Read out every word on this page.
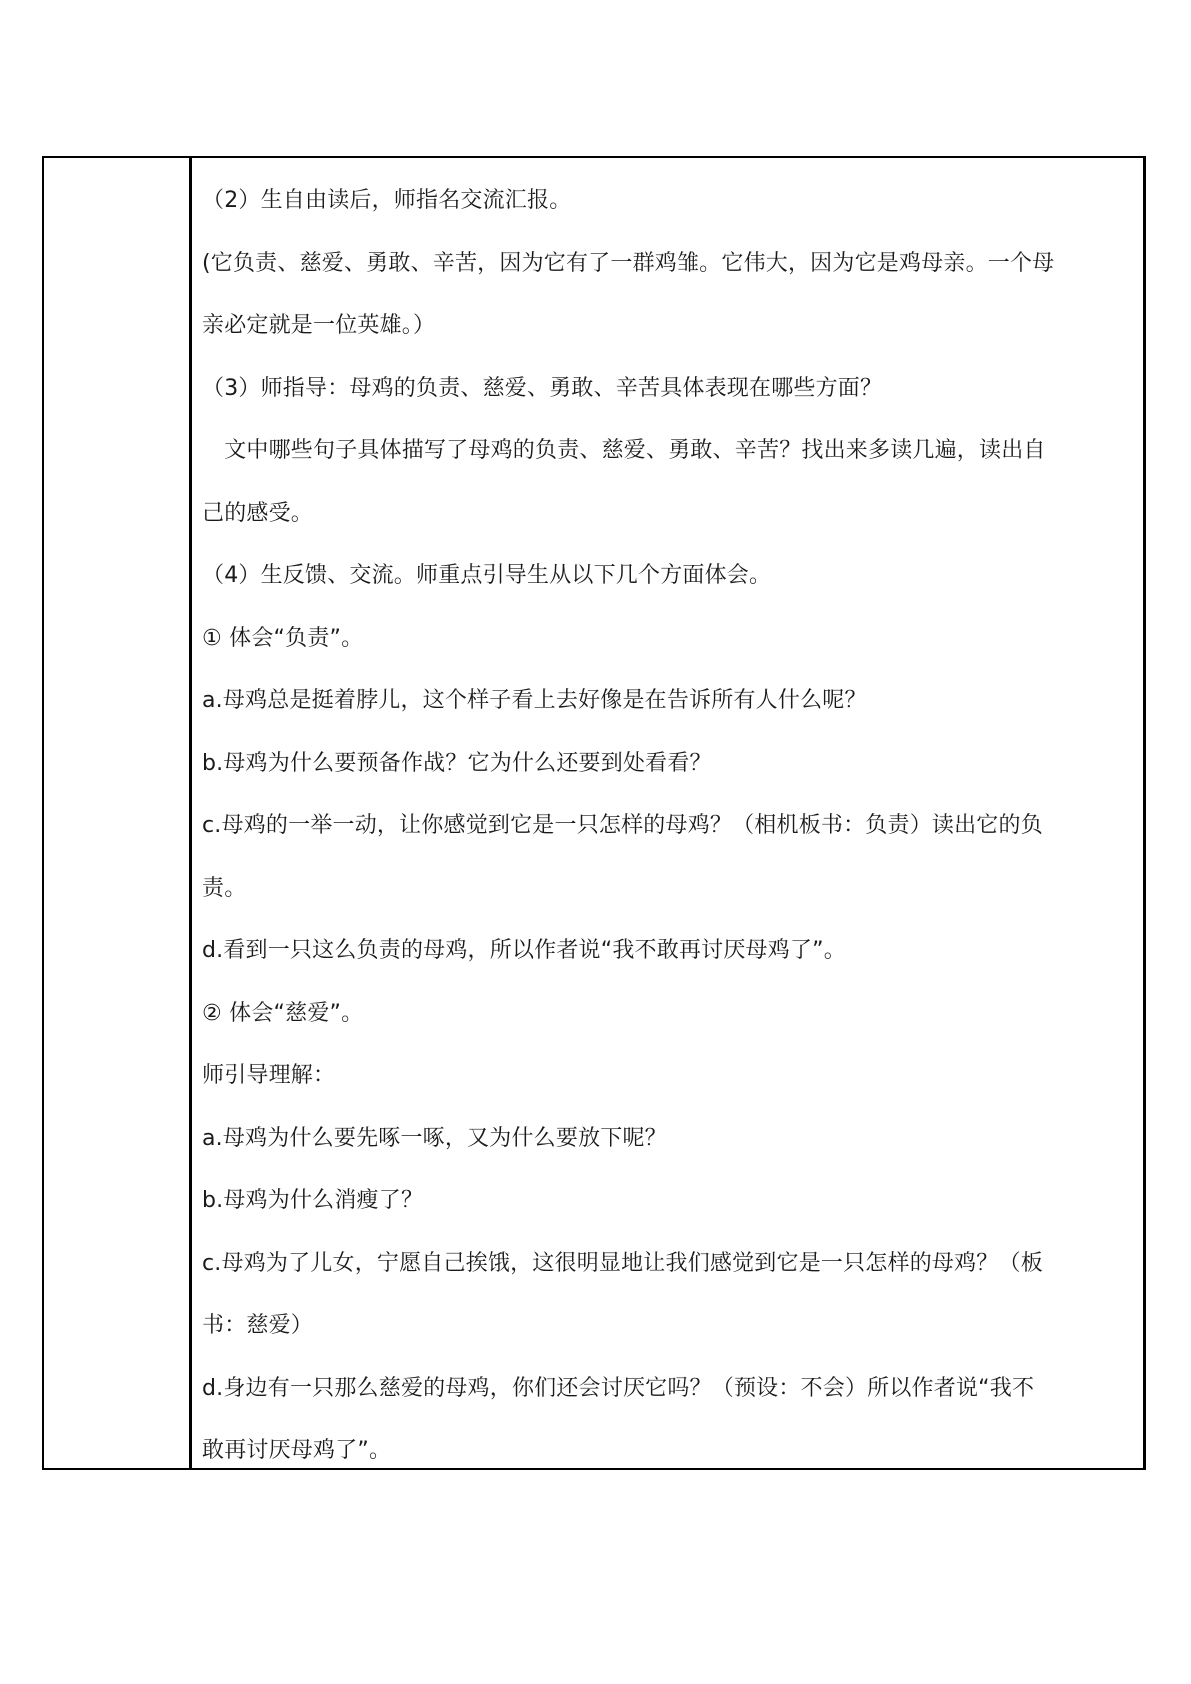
（2）生自由读后，师指名交流汇报。
(它负责、慈爱、勇敢、辛苦，因为它有了一群鸡雏。它伟大，因为它是鸡母亲。一个母
亲必定就是一位英雄。）
（3）师指导：母鸡的负责、慈爱、勇敢、辛苦具体表现在哪些方面？
　文中哪些句子具体描写了母鸡的负责、慈爱、勇敢、辛苦？找出来多读几遍，读出自
己的感受。
（4）生反馈、交流。师重点引导生从以下几个方面体会。
① 体会“负责”。
a.母鸡总是挺着脖儿，这个样子看上去好像是在告诉所有人什么呢？
b.母鸡为什么要预备作战？它为什么还要到处看看？
c.母鸡的一举一动，让你感觉到它是一只怎样的母鸡？（相机板书：负责）读出它的负
责。
d.看到一只这么负责的母鸡，所以作者说“我不敢再讨厌母鸡了”。
② 体会“慈爱”。
师引导理解：
a.母鸡为什么要先啄一啄，又为什么要放下呢？
b.母鸡为什么消瘦了？
c.母鸡为了儿女，宁愿自己挨饿，这很明显地让我们感觉到它是一只怎样的母鸡？（板
书：慈爱）
d.身边有一只那么慈爱的母鸡，你们还会讨厌它吗？（预设：不会）所以作者说“我不
敢再讨厌母鸡了”。
